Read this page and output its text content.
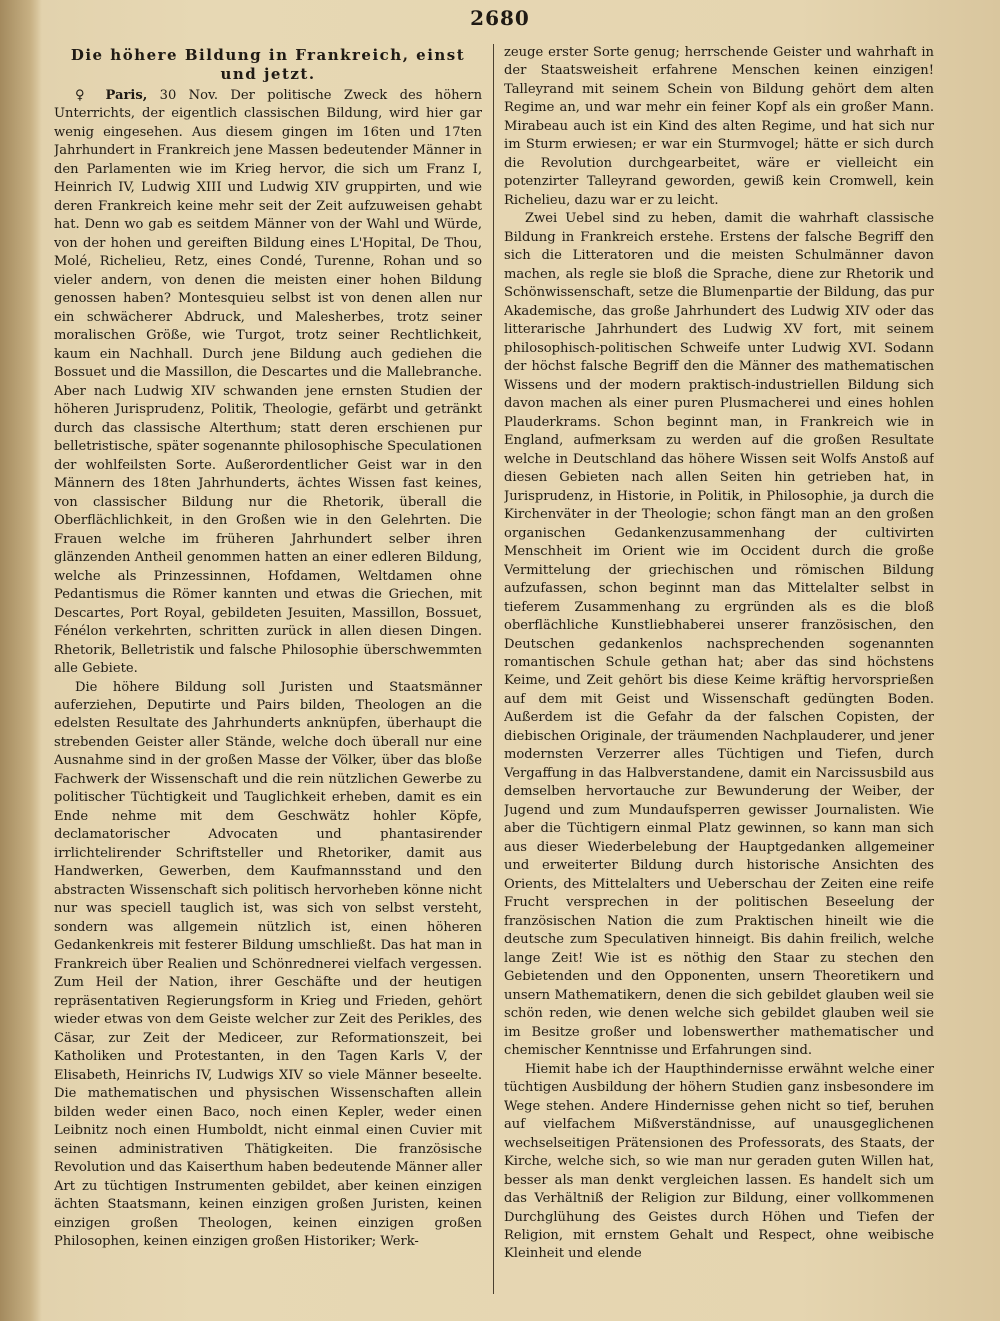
2680
Die höhere Bildung in Frankreich, einst und jetzt.

♀ Paris, 30 Nov. Der politische Zweck des höhern Unterrichts, der eigentlich classischen Bildung, wird hier gar wenig eingesehen. Aus diesem gingen im 16ten und 17ten Jahrhundert in Frankreich jene Massen bedeutender Männer in den Parlamenten wie im Krieg hervor, die sich um Franz I, Heinrich IV, Ludwig XIII und Ludwig XIV gruppirten, und wie deren Frankreich keine mehr seit der Zeit aufzuweisen gehabt hat. Denn wo gab es seitdem Männer von der Wahl und Würde, von der hohen und gereiften Bildung eines L'Hopital, De Thou, Molé, Richelieu, Retz, eines Condé, Turenne, Rohan und so vieler andern, von denen die meisten einer hohen Bildung genossen haben? Montesquieu selbst ist von denen allen nur ein schwächerer Abdruck, und Malesherbes, trotz seiner moralischen Größe, wie Turgot, trotz seiner Rechtlichkeit, kaum ein Nachhall. Durch jene Bildung auch gediehen die Bossuet und die Massillon, die Descartes und die Mallebranche. Aber nach Ludwig XIV schwanden jene ernsten Studien der höheren Jurisprudenz, Politik, Theologie, gefärbt und getränkt durch das classische Alterthum; statt deren erschienen pur belletristische, später sogenannte philosophische Speculationen der wohlfeilsten Sorte. Außerordentlicher Geist war in den Männern des 18ten Jahrhunderts, ächtes Wissen fast keines, von classischer Bildung nur die Rhetorik, überall die Oberflächlichkeit, in den Großen wie in den Gelehrten. Die Frauen welche im früheren Jahrhundert selber ihren glänzenden Antheil genommen hatten an einer edleren Bildung, welche als Prinzessinnen, Hofdamen, Weltdamen ohne Pedantismus die Römer kannten und etwas die Griechen, mit Descartes, Port Royal, gebildeten Jesuiten, Massillon, Bossuet, Fénélon verkehrten, schritten zurück in allen diesen Dingen. Rhetorik, Belletristik und falsche Philosophie überschwemmten alle Gebiete.

Die höhere Bildung soll Juristen und Staatsmänner auferziehen, Deputirte und Pairs bilden, Theologen an die edelsten Resultate des Jahrhunderts anknüpfen, überhaupt die strebenden Geister aller Stände, welche doch überall nur eine Ausnahme sind in der großen Masse der Völker, über das bloße Fachwerk der Wissenschaft und die rein nützlichen Gewerbe zu politischer Tüchtigkeit und Tauglichkeit erheben, damit es ein Ende nehme mit dem Geschwätz hohler Köpfe, declamatorischer Advocaten und phantasirender irrlichtelirender Schriftsteller und Rhetoriker, damit aus Handwerken, Gewerben, dem Kaufmannsstand und den abstracten Wissenschaft sich politisch hervorheben könne nicht nur was speciell tauglich ist, was sich von selbst versteht, sondern was allgemein nützlich ist, einen höheren Gedankenkreis mit festerer Bildung umschließt. Das hat man in Frankreich über Realien und Schönrednerei vielfach vergessen. Zum Heil der Nation, ihrer Geschäfte und der heutigen repräsentativen Regierungsform in Krieg und Frieden, gehört wieder etwas von dem Geiste welcher zur Zeit des Perikles, des Cäsar, zur Zeit der Mediceer, zur Reformationszeit, bei Katholiken und Protestanten, in den Tagen Karls V, der Elisabeth, Heinrichs IV, Ludwigs XIV so viele Männer beseelte. Die mathematischen und physischen Wissenschaften allein bilden weder einen Baco, noch einen Kepler, weder einen Leibnitz noch einen Humboldt, nicht einmal einen Cuvier mit seinen administrativen Thätigkeiten. Die französische Revolution und das Kaiserthum haben bedeutende Männer aller Art zu tüchtigen Instrumenten gebildet, aber keinen einzigen ächten Staatsmann, keinen einzigen großen Juristen, keinen einzigen großen Theologen, keinen einzigen großen Philosophen, keinen einzigen großen Historiker; Werk-

zeuge erster Sorte genug; herrschende Geister und wahrhaft in der Staatsweisheit erfahrene Menschen keinen einzigen! Talleyrand mit seinem Schein von Bildung gehört dem alten Regime an, und war mehr ein feiner Kopf als ein großer Mann. Mirabeau auch ist ein Kind des alten Regime, und hat sich nur im Sturm erwiesen; er war ein Sturmvogel; hätte er sich durch die Revolution durchgearbeitet, wäre er vielleicht ein potenzirter Talleyrand geworden, gewiß kein Cromwell, kein Richelieu, dazu war er zu leicht.

Zwei Uebel sind zu heben, damit die wahrhaft classische Bildung in Frankreich erstehe. Erstens der falsche Begriff den sich die Litteratoren und die meisten Schulmänner davon machen, als regle sie bloß die Sprache, diene zur Rhetorik und Schönwissenschaft, setze die Blumenpartie der Bildung, das pur Akademische, das große Jahrhundert des Ludwig XIV oder das litterarische Jahrhundert des Ludwig XV fort, mit seinem philosophisch-politischen Schweife unter Ludwig XVI. Sodann der höchst falsche Begriff den die Männer des mathematischen Wissens und der modern praktisch-industriellen Bildung sich davon machen als einer puren Plusmacherei und eines hohlen Plauderkrams. Schon beginnt man, in Frankreich wie in England, aufmerksam zu werden auf die großen Resultate welche in Deutschland das höhere Wissen seit Wolfs Anstoß auf diesen Gebieten nach allen Seiten hin getrieben hat, in Jurisprudenz, in Historie, in Politik, in Philosophie, ja durch die Kirchenväter in der Theologie; schon fängt man an den großen organischen Gedankenzusammenhang der cultivirten Menschheit im Orient wie im Occident durch die große Vermittelung der griechischen und römischen Bildung aufzufassen, schon beginnt man das Mittelalter selbst in tieferem Zusammenhang zu ergründen als es die bloß oberflächliche Kunstliebhaberei unserer französischen, den Deutschen gedankenlos nachsprechenden sogenannten romantischen Schule gethan hat; aber das sind höchstens Keime, und Zeit gehört bis diese Keime kräftig hervorsprießen auf dem mit Geist und Wissenschaft gedüngten Boden. Außerdem ist die Gefahr da der falschen Copisten, der diebischen Originale, der träumenden Nachplauderer, und jener modernsten Verzerrer alles Tüchtigen und Tiefen, durch Vergaffung in das Halbverstandene, damit ein Narcissusbild aus demselben hervortauche zur Bewunderung der Weiber, der Jugend und zum Mundaufsperren gewisser Journalisten. Wie aber die Tüchtigern einmal Platz gewinnen, so kann man sich aus dieser Wiederbelebung der Hauptgedanken allgemeiner und erweiterter Bildung durch historische Ansichten des Orients, des Mittelalters und Ueberschau der Zeiten eine reife Frucht versprechen in der politischen Beseelung der französischen Nation die zum Praktischen hineilt wie die deutsche zum Speculativen hinneigt. Bis dahin freilich, welche lange Zeit! Wie ist es nöthig den Staar zu stechen den Gebietenden und den Opponenten, unsern Theoretikern und unsern Mathematikern, denen die sich gebildet glauben weil sie schön reden, wie denen welche sich gebildet glauben weil sie im Besitze großer und lobenswerther mathematischer und chemischer Kenntnisse und Erfahrungen sind.

Hiemit habe ich der Haupthindernisse erwähnt welche einer tüchtigen Ausbildung der höhern Studien ganz insbesondere im Wege stehen. Andere Hindernisse gehen nicht so tief, beruhen auf vielfachem Mißverständnisse, auf unausgeglichenen wechselseitigen Prätensionen des Professorats, des Staats, der Kirche, welche sich, so wie man nur geraden guten Willen hat, besser als man denkt vergleichen lassen. Es handelt sich um das Verhältniß der Religion zur Bildung, einer vollkommenen Durchglühung des Geistes durch Höhen und Tiefen der Religion, mit ernstem Gehalt und Respect, ohne weibische Kleinheit und elende
